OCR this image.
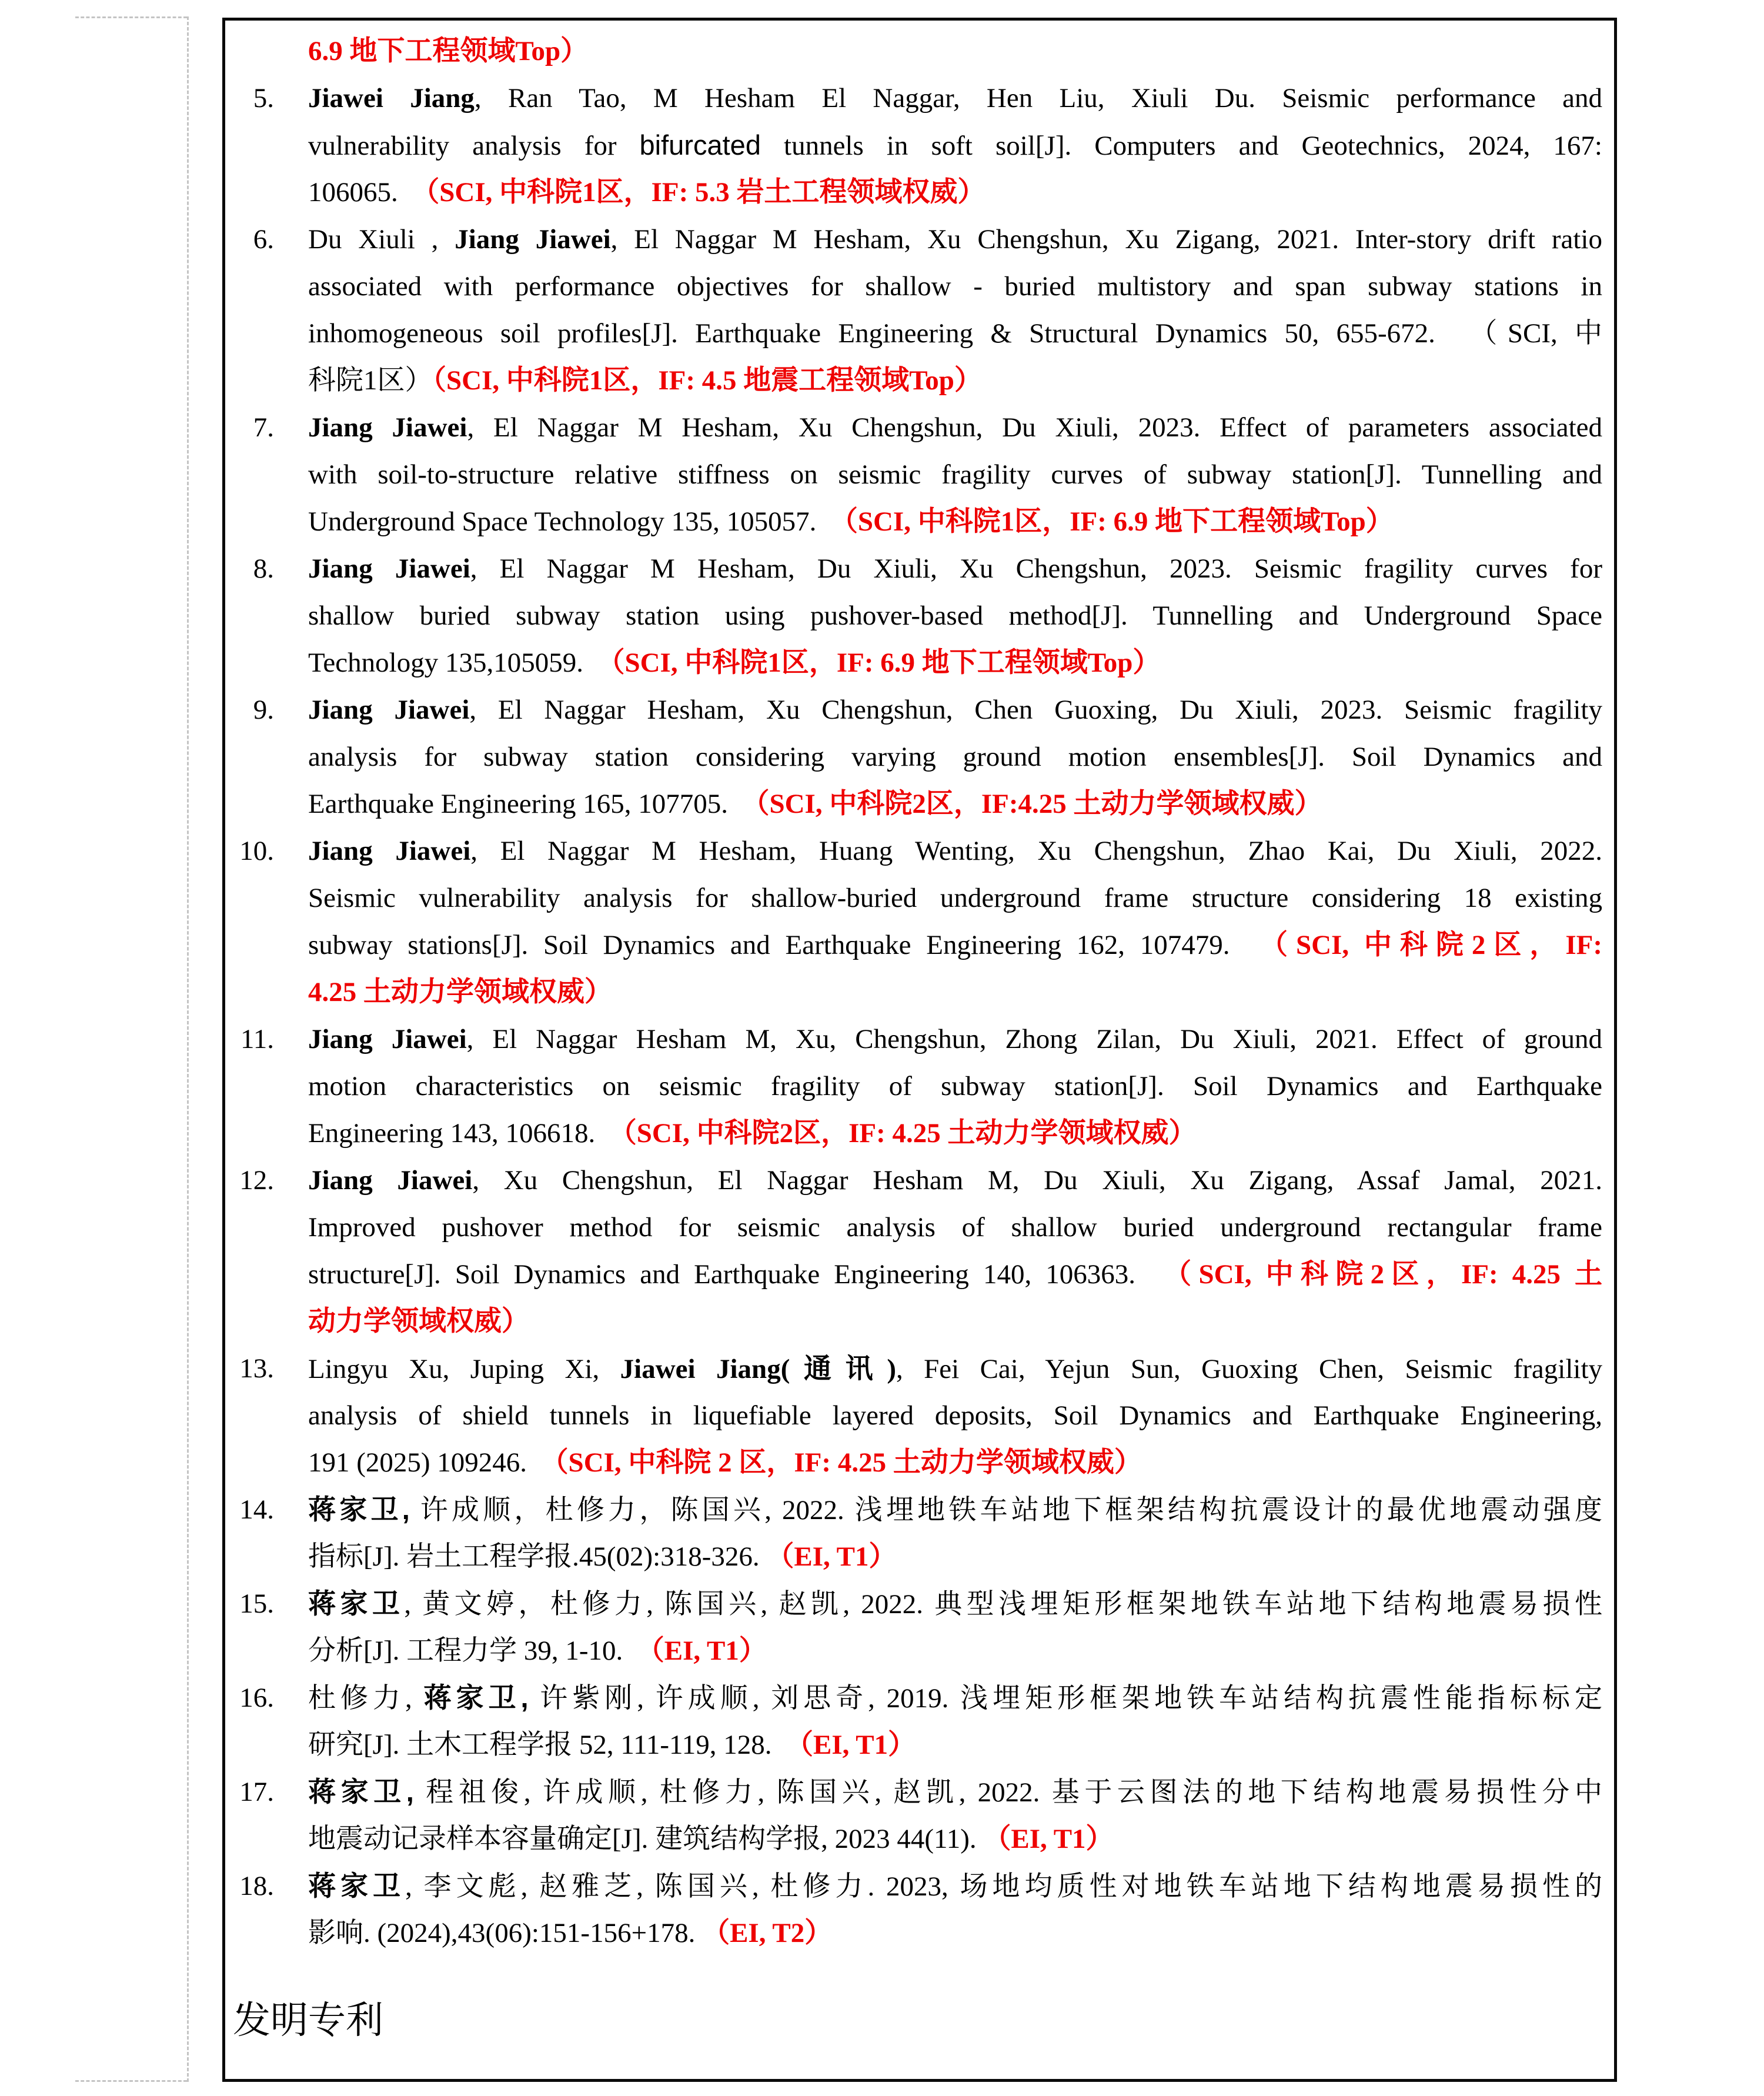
6.9 地下工程领域Top）
5. Jiawei Jiang, Ran Tao, M Hesham El Naggar, Hen Liu, Xiuli Du. Seismic performance and
vulnerability analysis for bifurcated tunnels in soft soil[J]. Computers and Geotechnics, 2024, 167:
106065.  （SCI, 中科院1区，IF: 5.3 岩土工程领域权威）
6. Du Xiuli , Jiang Jiawei, El Naggar M Hesham, Xu Chengshun, Xu Zigang, 2021. Inter-story drift ratio
associated with performance objectives for shallow - buried multistory and span subway stations in
inhomogeneous soil profiles[J]. Earthquake Engineering & Structural Dynamics 50, 655-672.  （SCI, 中
科院1区）（SCI, 中科院1区，IF: 4.5 地震工程领域Top）
7. Jiang Jiawei, El Naggar M Hesham, Xu Chengshun, Du Xiuli, 2023. Effect of parameters associated
with soil-to-structure relative stiffness on seismic fragility curves of subway station[J]. Tunnelling and
Underground Space Technology 135, 105057.  （SCI, 中科院1区，IF: 6.9 地下工程领域Top）
8. Jiang Jiawei, El Naggar M Hesham, Du Xiuli, Xu Chengshun, 2023. Seismic fragility curves for
shallow buried subway station using pushover-based method[J]. Tunnelling and Underground Space
Technology 135,105059.  （SCI, 中科院1区，IF: 6.9 地下工程领域Top）
9. Jiang Jiawei, El Naggar Hesham, Xu Chengshun, Chen Guoxing, Du Xiuli, 2023. Seismic fragility
analysis for subway station considering varying ground motion ensembles[J]. Soil Dynamics and
Earthquake Engineering 165, 107705.  （SCI, 中科院2区，IF:4.25 土动力学领域权威）
10. Jiang Jiawei, El Naggar M Hesham, Huang Wenting, Xu Chengshun, Zhao Kai, Du Xiuli, 2022.
Seismic vulnerability analysis for shallow-buried underground frame structure considering 18 existing
subway stations[J]. Soil Dynamics and Earthquake Engineering 162, 107479.  （SCI, 中科院2区，IF:
4.25 土动力学领域权威）
11. Jiang Jiawei, El Naggar Hesham M, Xu, Chengshun, Zhong Zilan, Du Xiuli, 2021. Effect of ground
motion characteristics on seismic fragility of subway station[J]. Soil Dynamics and Earthquake
Engineering 143, 106618.  （SCI, 中科院2区，IF: 4.25 土动力学领域权威）
12. Jiang Jiawei, Xu Chengshun, El Naggar Hesham M, Du Xiuli, Xu Zigang, Assaf Jamal, 2021.
Improved pushover method for seismic analysis of shallow buried underground rectangular frame
structure[J]. Soil Dynamics and Earthquake Engineering 140, 106363.  （SCI, 中科院2区，IF: 4.25 土
动力学领域权威）
13. Lingyu Xu, Juping Xi, Jiawei Jiang(通讯), Fei Cai, Yejun Sun, Guoxing Chen, Seismic fragility
analysis of shield tunnels in liquefiable layered deposits, Soil Dynamics and Earthquake Engineering,
191 (2025) 109246.  （SCI, 中科院 2 区，IF: 4.25 土动力学领域权威）
14. 蒋家卫, 许成顺，杜修力，陈国兴, 2022. 浅埋地铁车站地下框架结构抗震设计的最优地震动强度
指标[J]. 岩土工程学报.45(02):318-326. （EI, T1）
15. 蒋家卫, 黄文婷，杜修力, 陈国兴, 赵凯, 2022. 典型浅埋矩形框架地铁车站地下结构地震易损性
分析[J]. 工程力学 39, 1-10.  （EI, T1）
16. 杜修力, 蒋家卫, 许紫刚, 许成顺, 刘思奇, 2019. 浅埋矩形框架地铁车站结构抗震性能指标标定
研究[J]. 土木工程学报 52, 111-119, 128.  （EI, T1）
17. 蒋家卫, 程祖俊, 许成顺, 杜修力, 陈国兴, 赵凯, 2022. 基于云图法的地下结构地震易损性分中
地震动记录样本容量确定[J]. 建筑结构学报, 2023 44(11). （EI, T1）
18. 蒋家卫, 李文彪, 赵雅芝, 陈国兴, 杜修力. 2023, 场地均质性对地铁车站地下结构地震易损性的
影响. (2024),43(06):151-156+178. （EI, T2）
发明专利
